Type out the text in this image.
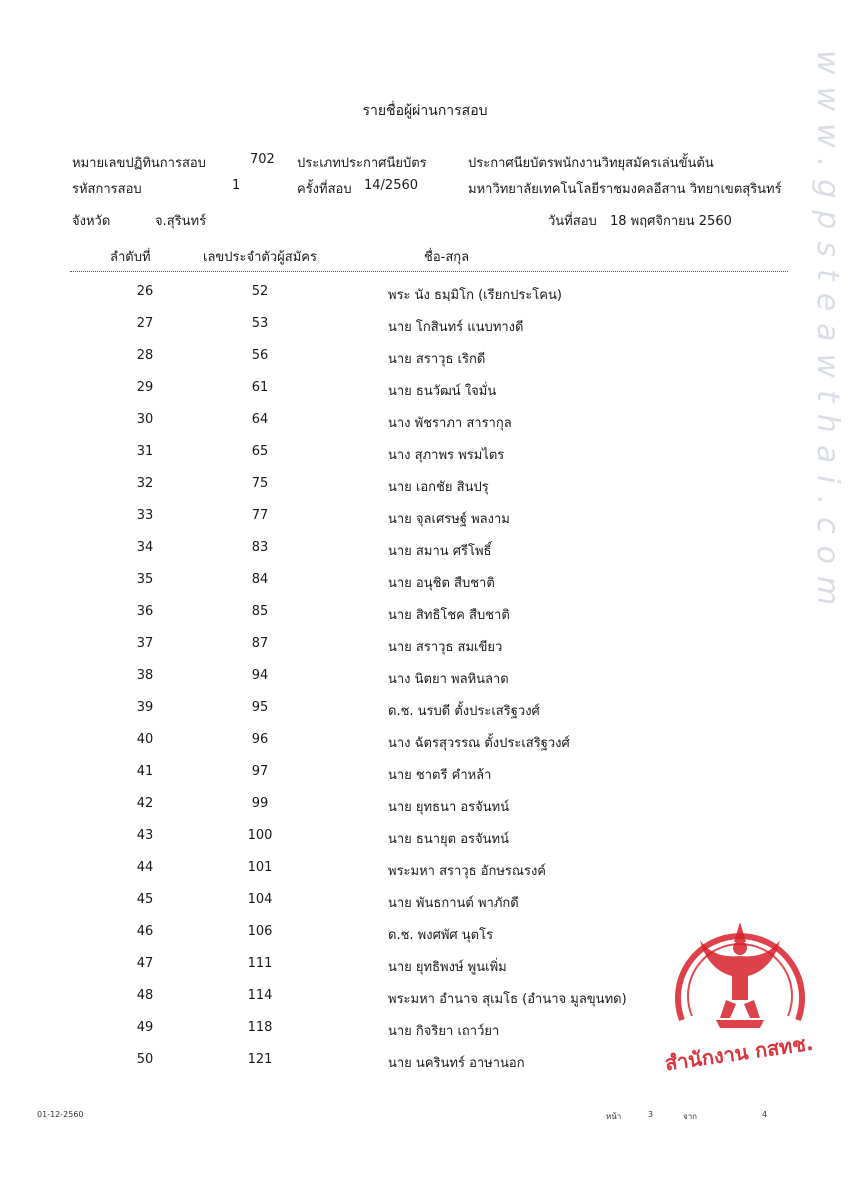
www.gpsteawthai.com
รายชื่อผู้ผ่านการสอบ
หมายเลขปฏิทินการสอบ	702 ประเภทประกาศนียบัตร	ประกาศนียบัตรพนักงานวิทยุสมัครเล่นขั้นต้น
รหัสการสอบ	1	ครั้งที่สอบ 14/2560	มหาวิทยาลัยเทคโนโลยีราชมงคลอีสาน วิทยาเขตสุรินทร์
จังหวัด	จ.สุรินทร์	วันที่สอบ 18 พฤศจิกายน 2560
ลำดับที่	เลขประจำตัวผู้สมัคร	ชื่อ-สกุล
26	52	พระ นัง ธมฺมิโก (เรียกประโคน)
27	53	นาย โกสินทร์ แนบทางดี
28	56	นาย สราวุธ เริกดี
29	61	นาย ธนวัฒน์ ใจมั่น
30	64	นาง พัชราภา สารากุล
31	65	นาง สุภาพร พรมไตร
32	75	นาย เอกชัย สินปรุ
33	77	นาย จุลเศรษฐ์ พลงาม
34	83	นาย สมาน ศรีโพธิ์
35	84	นาย อนุชิต สืบชาติ
36	85	นาย สิทธิโชค สืบชาติ
37	87	นาย สราวุธ สมเขียว
38	94	นาง นิตยา พลหินลาด
39	95	ด.ช. นรบดี ตั้งประเสริฐวงศ์
40	96	นาง ฉัตรสุวรรณ ตั้งประเสริฐวงศ์
41	97	นาย ชาตรี คำหล้า
42	99	นาย ยุทธนา อรจันทน์
43	100	นาย ธนายุต อรจันทน์
44	101	พระมหา สราวุธ อักษรณรงค์
45	104	นาย พันธกานต์ พาภักดี
46	106	ด.ช. พงศพัศ นุตโร
47	111	นาย ยุทธิพงษ์ พูนเพิ่ม
48	114	พระมหา อำนาจ สุเมโธ (อำนาจ มูลขุนทด)
49	118	นาย กิจริยา เถาว์ยา
50	121	นาย นครินทร์ อาษานอก	สำนักงาน กสทช.
01-12-2560	หน้า	3	จาก	4
